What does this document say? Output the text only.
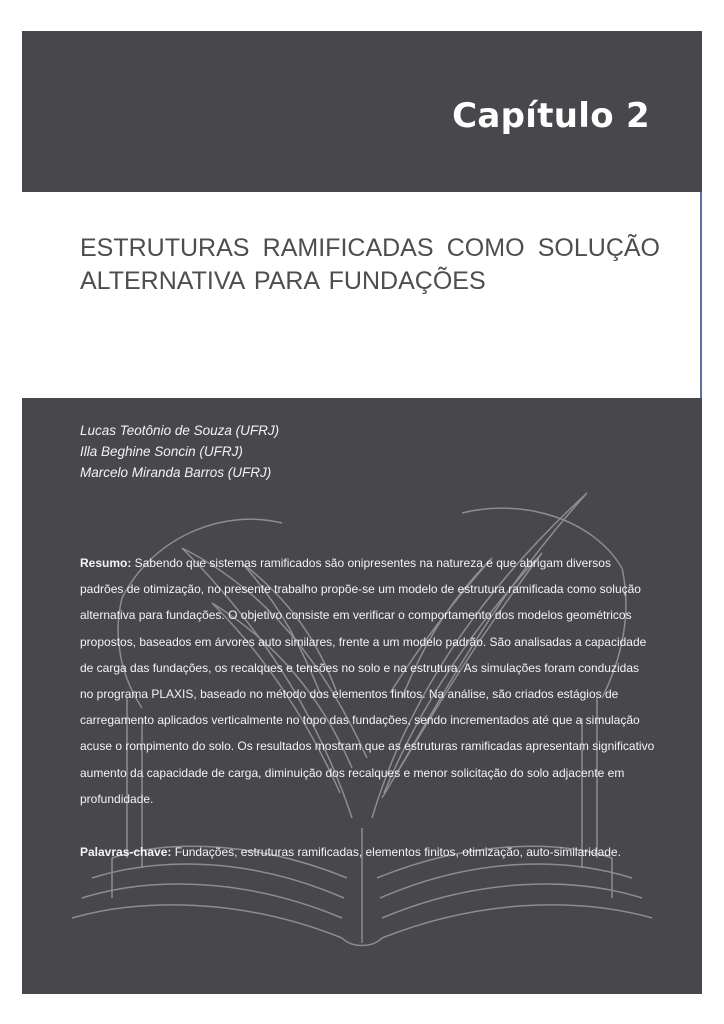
Capítulo 2
ESTRUTURAS RAMIFICADAS COMO SOLUÇÃO ALTERNATIVA PARA FUNDAÇÕES
Lucas Teotônio de Souza (UFRJ)
Illa Beghine Soncin (UFRJ)
Marcelo Miranda Barros (UFRJ)

Resumo: Sabendo que sistemas ramificados são onipresentes na natureza e que abrigam diversos padrões de otimização, no presente trabalho propõe-se um modelo de estrutura ramificada como solução alternativa para fundações. O objetivo consiste em verificar o comportamento dos modelos geométricos propostos, baseados em árvores auto similares, frente a um modelo padrão. São analisadas a capacidade de carga das fundações, os recalques e tensões no solo e na estrutura. As simulações foram conduzidas no programa PLAXIS, baseado no método dos elementos finitos. Na análise, são criados estágios de carregamento aplicados verticalmente no topo das fundações, sendo incrementados até que a simulação acuse o rompimento do solo. Os resultados mostram que as estruturas ramificadas apresentam significativo aumento da capacidade de carga, diminuição dos recalques e menor solicitação do solo adjacente em profundidade.

Palavras-chave: Fundações, estruturas ramificadas, elementos finitos, otimização, auto-similaridade.
